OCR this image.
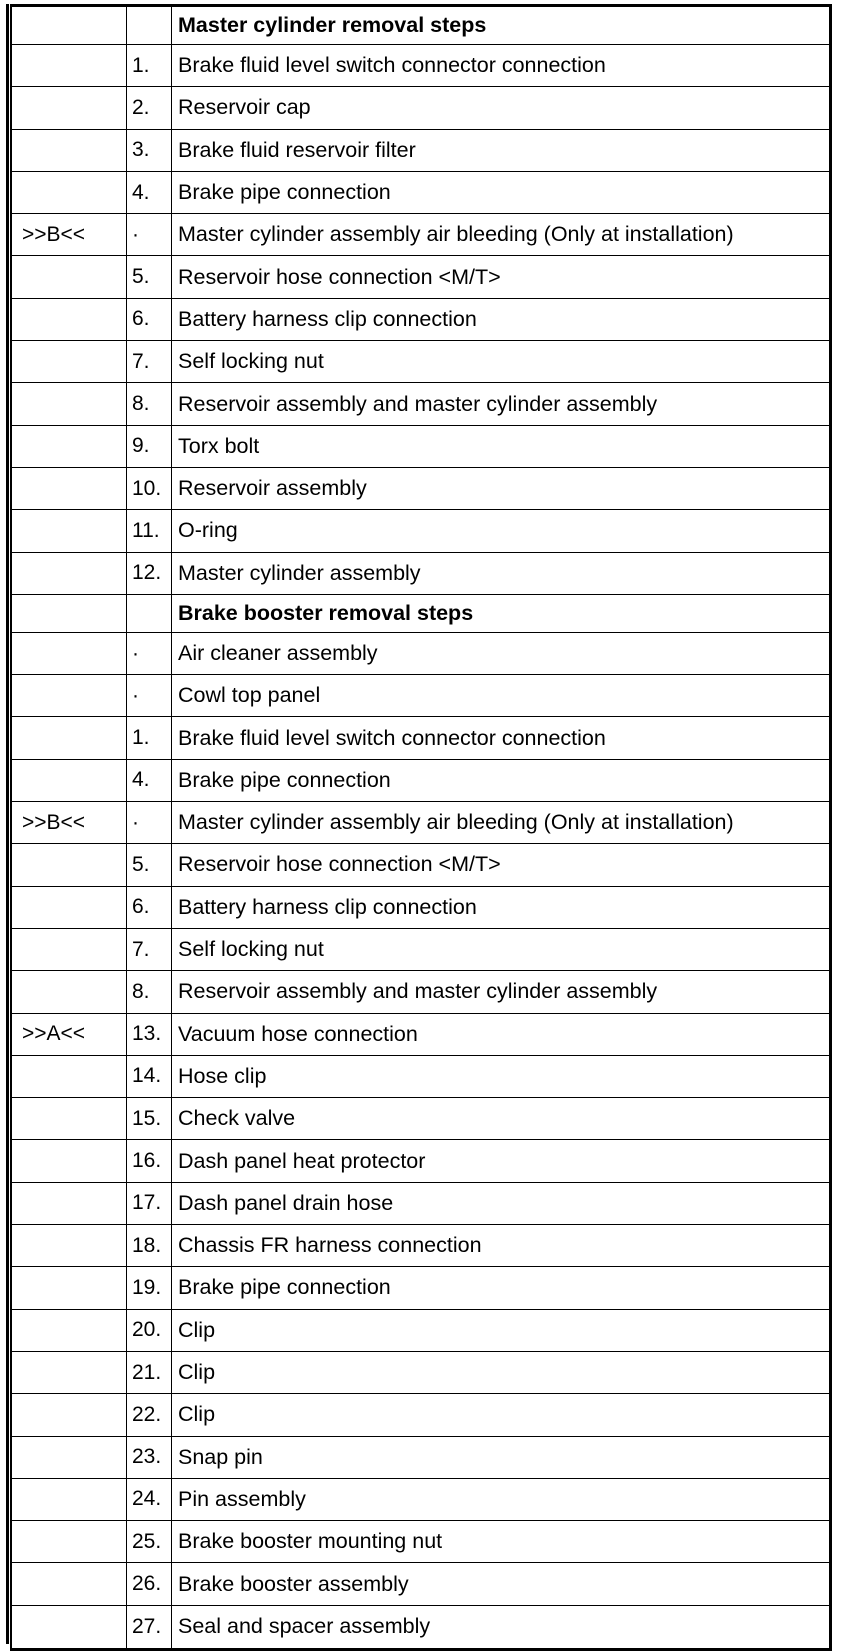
Master cylinder removal steps
1.	Brake fluid level switch connector connection
2.	Reservoir cap
3.	Brake fluid reservoir filter
4.	Brake pipe connection
>>B<<	·	Master cylinder assembly air bleeding (Only at installation)
5.	Reservoir hose connection <M/T>
6.	Battery harness clip connection
7.	Self locking nut
8.	Reservoir assembly and master cylinder assembly
9.	Torx bolt
10. Reservoir assembly
11. O-ring
12. Master cylinder assembly
Brake booster removal steps
·	Air cleaner assembly
·	Cowl top panel
1.	Brake fluid level switch connector connection
4.	Brake pipe connection
>>B<<	·	Master cylinder assembly air bleeding (Only at installation)
5.	Reservoir hose connection <M/T>
6.	Battery harness clip connection
7.	Self locking nut
8.	Reservoir assembly and master cylinder assembly
>>A<<	13. Vacuum hose connection
14. Hose clip
15. Check valve
16. Dash panel heat protector
17. Dash panel drain hose
18. Chassis FR harness connection
19. Brake pipe connection
20. Clip
21. Clip
22. Clip
23. Snap pin
24. Pin assembly
25. Brake booster mounting nut
26. Brake booster assembly
27. Seal and spacer assembly
